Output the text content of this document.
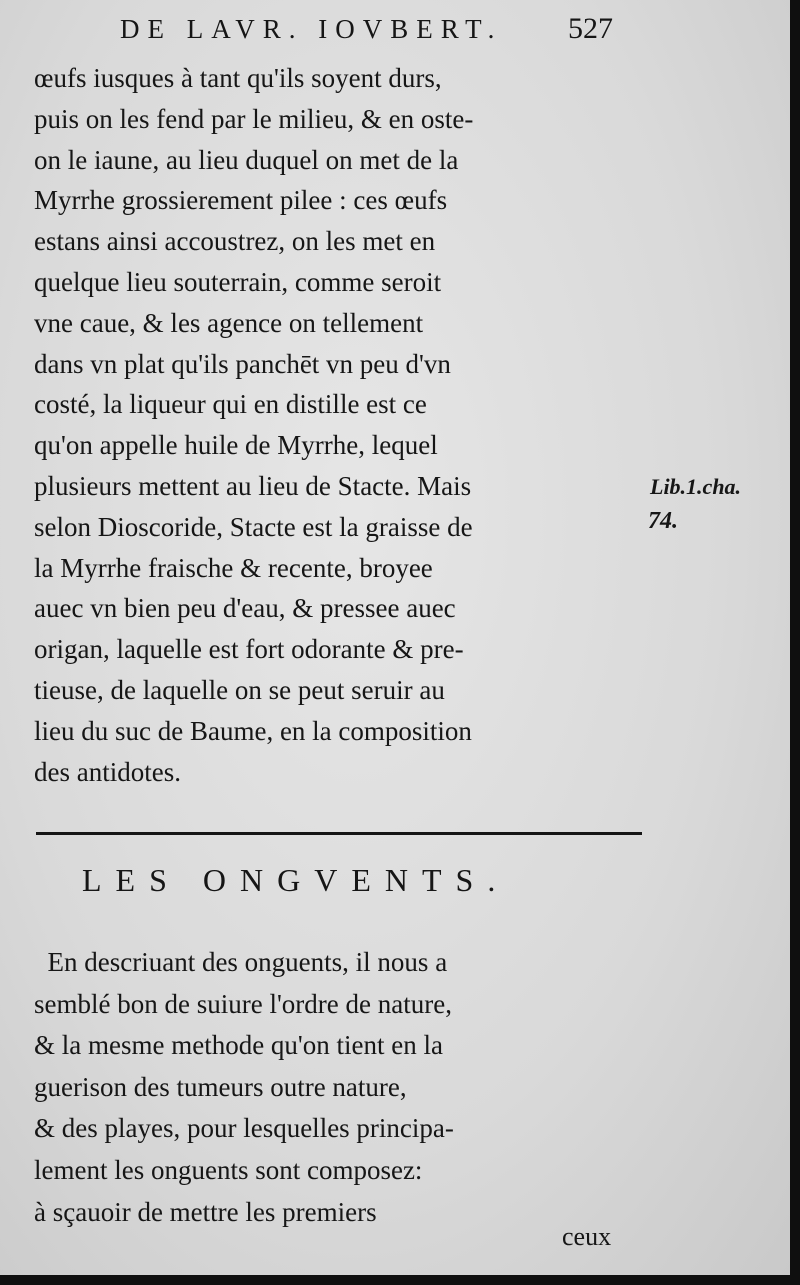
DE LAVR. IOVBERT. 527
œufs iusques à tant qu'ils soyent durs,
puis on les fend par le milieu, & en oste-
on le iaune, au lieu duquel on met de la
Myrrhe grossierement pilee : ces œufs
estans ainsi accoustrez, on les met en
quelque lieu souterrain, comme seroit
vne caue, & les agence on tellement
dans vn plat qu'ils panchēt vn peu d'vn
costé, la liqueur qui en distille est ce
qu'on appelle huile de Myrrhe, lequel
plusieurs mettent au lieu de Stacte. Mais
selon Dioscoride, Stacte est la graisse de
la Myrrhe fraische & recente, broyee
auec vn bien peu d'eau, & pressee auec
origan, laquelle est fort odorante & pre-
tieuse, de laquelle on se peut seruir au
lieu du suc de Baume, en la composition
des antidotes.
Lib.1.cha.
74.
LES ONGVENTS.
En descriuant des onguents, il nous a
semblé bon de suiure l'ordre de nature,
& la mesme methode qu'on tient en la
guerison des tumeurs outre nature,
& des playes, pour lesquelles principa-
lement les onguents sont composez:
à sçauoir de mettre les premiers
ceux
